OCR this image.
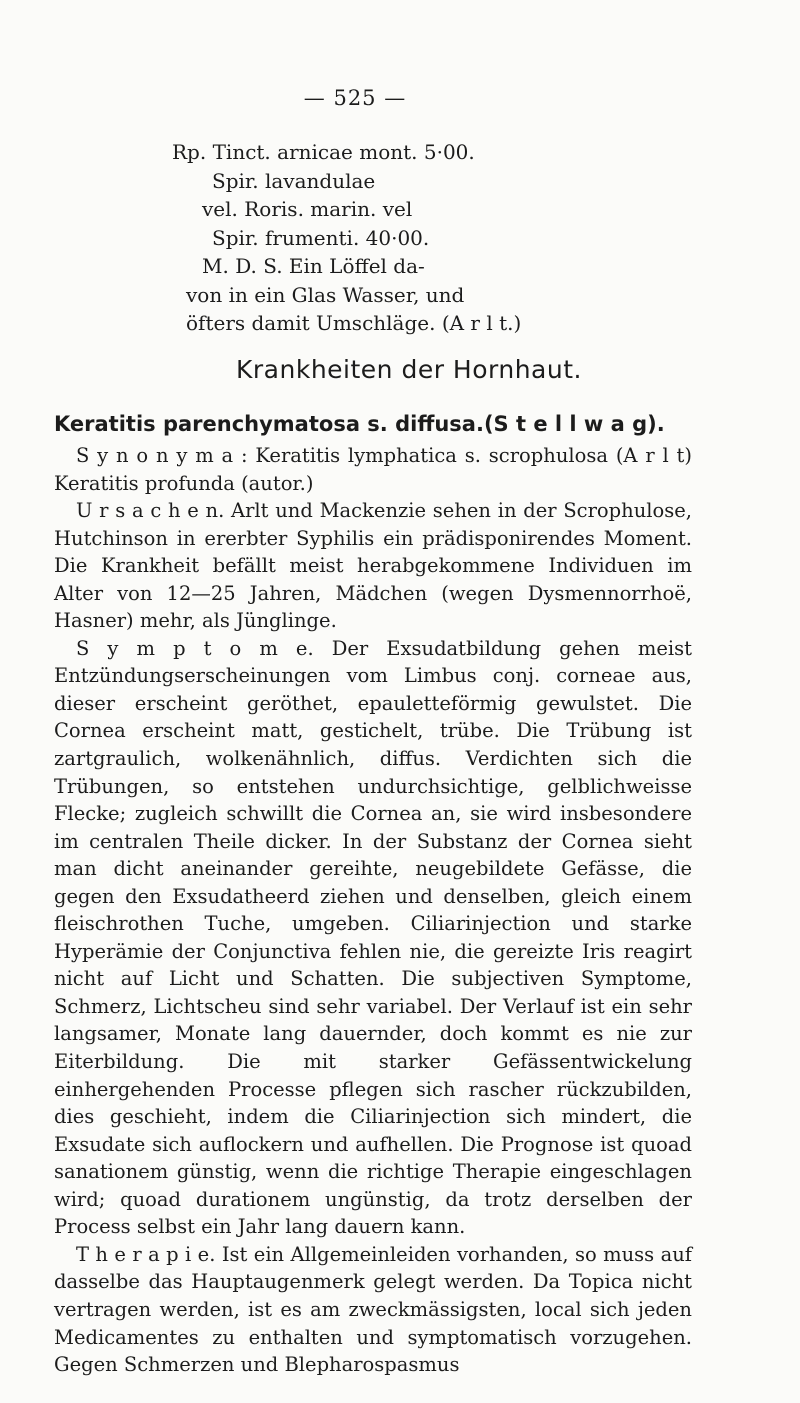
— 525 —
Rp. Tinct. arnicae mont. 5·00.
Spir. lavandulae
vel. Roris. marin. vel
Spir. frumenti. 40·00.
M. D. S. Ein Löffel da-
von in ein Glas Wasser, und
öfters damit Umschläge. (A r l t.)
Krankheiten der Hornhaut.
Keratitis parenchymatosa s. diffusa.(S t e l l w a g).

S y n o n y m a : Keratitis lymphatica s. scrophulosa (A r l t) Keratitis profunda (autor.)

U r s a c h e n. Arlt und Mackenzie sehen in der Scrophulose, Hutchinson in ererbter Syphilis ein prädisponirendes Moment. Die Krankheit befällt meist herabgekommene Individuen im Alter von 12—25 Jahren, Mädchen (wegen Dysmennorrhoë, Hasner) mehr, als Jünglinge.

S y m p t o m e. Der Exsudatbildung gehen meist Entzündungserscheinungen vom Limbus conj. corneae aus, dieser erscheint geröthet, epauletteförmig gewulstet. Die Cornea erscheint matt, gestichelt, trübe. Die Trübung ist zartgraulich, wolkenähnlich, diffus. Verdichten sich die Trübungen, so entstehen undurchsichtige, gelblichweisse Flecke; zugleich schwillt die Cornea an, sie wird insbesondere im centralen Theile dicker. In der Substanz der Cornea sieht man dicht aneinander gereihte, neugebildete Gefässe, die gegen den Exsudatheerd ziehen und denselben, gleich einem fleischrothen Tuche, umgeben. Ciliarinjection und starke Hyperämie der Conjunctiva fehlen nie, die gereizte Iris reagirt nicht auf Licht und Schatten. Die subjectiven Symptome, Schmerz, Lichtscheu sind sehr variabel. Der Verlauf ist ein sehr langsamer, Monate lang dauernder, doch kommt es nie zur Eiterbildung. Die mit starker Gefässentwickelung einhergehenden Processe pflegen sich rascher rückzubilden, dies geschieht, indem die Ciliarinjection sich mindert, die Exsudate sich auflockern und aufhellen. Die Prognose ist quoad sanationem günstig, wenn die richtige Therapie eingeschlagen wird; quoad durationem ungünstig, da trotz derselben der Process selbst ein Jahr lang dauern kann.

T h e r a p i e. Ist ein Allgemeinleiden vorhanden, so muss auf dasselbe das Hauptaugenmerk gelegt werden. Da Topica nicht vertragen werden, ist es am zweckmässigsten, local sich jeden Medicamentes zu enthalten und symptomatisch vorzugehen. Gegen Schmerzen und Blepharospasmus
